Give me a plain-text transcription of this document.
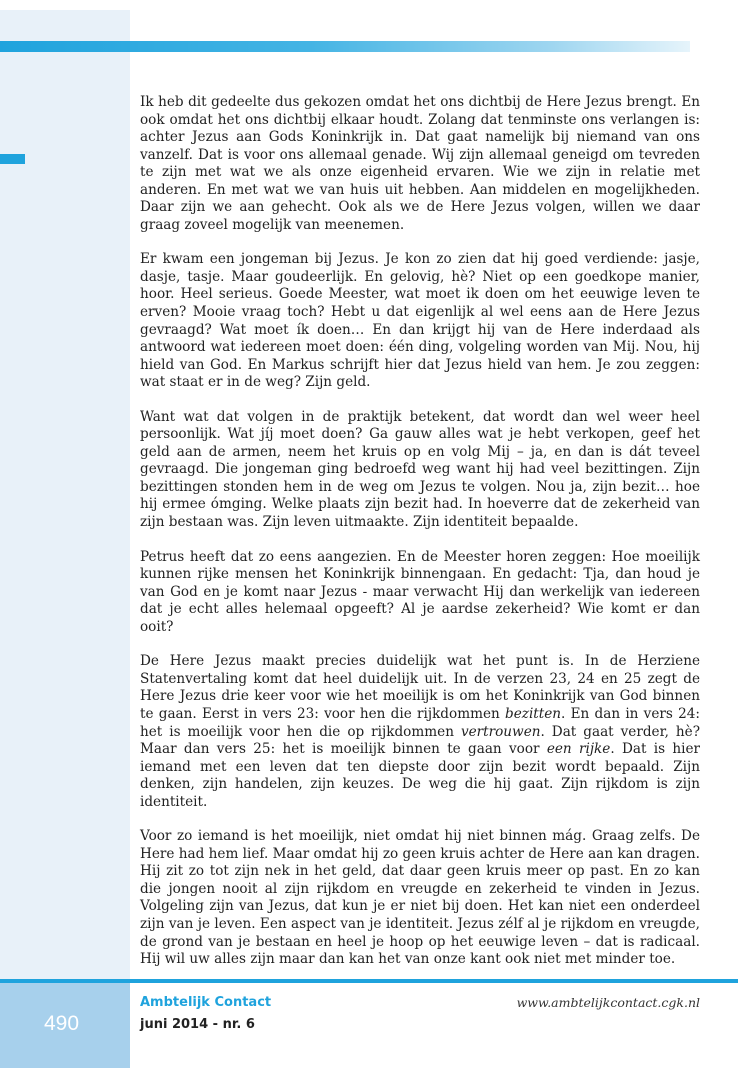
Ik heb dit gedeelte dus gekozen omdat het ons dichtbij de Here Jezus brengt. En ook omdat het ons dichtbij elkaar houdt. Zolang dat tenminste ons verlangen is: achter Jezus aan Gods Koninkrijk in. Dat gaat namelijk bij niemand van ons vanzelf. Dat is voor ons allemaal genade. Wij zijn allemaal geneigd om tevreden te zijn met wat we als onze eigenheid ervaren. Wie we zijn in relatie met anderen. En met wat we van huis uit hebben. Aan middelen en mogelijkheden. Daar zijn we aan gehecht. Ook als we de Here Jezus volgen, willen we daar graag zoveel mogelijk van meenemen.

Er kwam een jongeman bij Jezus. Je kon zo zien dat hij goed verdiende: jasje, dasje, tasje. Maar goudeerlijk. En gelovig, hè? Niet op een goedkope manier, hoor. Heel serieus. Goede Meester, wat moet ik doen om het eeuwige leven te erven? Mooie vraag toch? Hebt u dat eigenlijk al wel eens aan de Here Jezus gevraagd? Wat moet ík doen… En dan krijgt hij van de Here inderdaad als antwoord wat iedereen moet doen: één ding, volgeling worden van Mij. Nou, hij hield van God. En Markus schrijft hier dat Jezus hield van hem. Je zou zeggen: wat staat er in de weg? Zijn geld.

Want wat dat volgen in de praktijk betekent, dat wordt dan wel weer heel persoonlijk. Wat jíj moet doen? Ga gauw alles wat je hebt verkopen, geef het geld aan de armen, neem het kruis op en volg Mij – ja, en dan is dát teveel gevraagd. Die jongeman ging bedroefd weg want hij had veel bezittingen. Zijn bezittingen stonden hem in de weg om Jezus te volgen. Nou ja, zijn bezit… hoe hij ermee ómging. Welke plaats zijn bezit had. In hoeverre dat de zekerheid van zijn bestaan was. Zijn leven uitmaakte. Zijn identiteit bepaalde.

Petrus heeft dat zo eens aangezien. En de Meester horen zeggen: Hoe moeilijk kunnen rijke mensen het Koninkrijk binnengaan. En gedacht: Tja, dan houd je van God en je komt naar Jezus - maar verwacht Hij dan werkelijk van iedereen dat je echt alles helemaal opgeeft? Al je aardse zekerheid? Wie komt er dan ooit?

De Here Jezus maakt precies duidelijk wat het punt is. In de Herziene Statenvertaling komt dat heel duidelijk uit. In de verzen 23, 24 en 25 zegt de Here Jezus drie keer voor wie het moeilijk is om het Koninkrijk van God binnen te gaan. Eerst in vers 23: voor hen die rijkdommen bezitten. En dan in vers 24: het is moeilijk voor hen die op rijkdommen vertrouwen. Dat gaat verder, hè? Maar dan vers 25: het is moeilijk binnen te gaan voor een rijke. Dat is hier iemand met een leven dat ten diepste door zijn bezit wordt bepaald. Zijn denken, zijn handelen, zijn keuzes. De weg die hij gaat. Zijn rijkdom is zijn identiteit.

Voor zo iemand is het moeilijk, niet omdat hij niet binnen mág. Graag zelfs. De Here had hem lief. Maar omdat hij zo geen kruis achter de Here aan kan dragen. Hij zit zo tot zijn nek in het geld, dat daar geen kruis meer op past. En zo kan die jongen nooit al zijn rijkdom en vreugde en zekerheid te vinden in Jezus. Volgeling zijn van Jezus, dat kun je er niet bij doen. Het kan niet een onderdeel zijn van je leven. Een aspect van je identiteit. Jezus zélf al je rijkdom en vreugde, de grond van je bestaan en heel je hoop op het eeuwige leven – dat is radicaal. Hij wil uw alles zijn maar dan kan het van onze kant ook niet met minder toe.

490
Ambtelijk Contact
juni 2014 - nr. 6
www.ambtelijkcontact.cgk.nl
